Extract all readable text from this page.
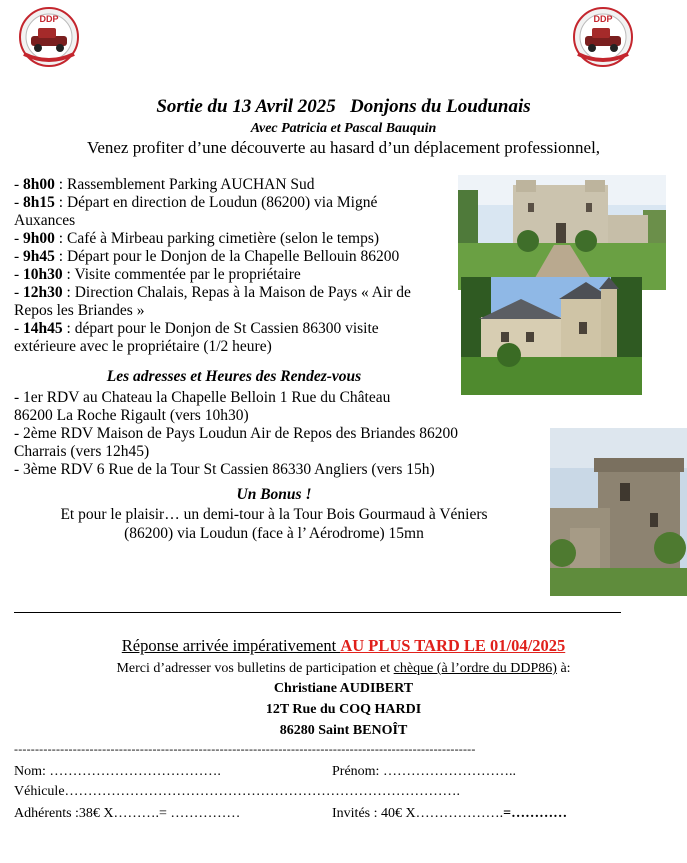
DDP	DDP
Sortie du 13 Avril 2025   Donjons du Loudunais
Avec Patricia et Pascal Bauquin
Venez profiter d’une découverte au hasard d’un déplacement professionnel,
- 8h00 : Rassemblement Parking AUCHAN Sud
- 8h15 : Départ en direction de Loudun (86200) via Migné
Auxances
- 9h00 : Café à Mirbeau parking cimetière (selon le temps)
- 9h45 : Départ pour le Donjon de la Chapelle Bellouin 86200
- 10h30 : Visite commentée par le propriétaire
- 12h30 : Direction Chalais, Repas à la Maison de Pays « Air de
Repos les Briandes »
- 14h45 : départ pour le Donjon de St Cassien 86300 visite
extérieure avec le propriétaire (1/2 heure)
Les adresses et Heures des Rendez-vous
- 1er RDV au Chateau la Chapelle Belloin 1 Rue du Château
86200 La Roche Rigault (vers 10h30)
- 2ème RDV Maison de Pays Loudun Air de Repos des Briandes 86200
Charrais (vers 12h45)
- 3ème RDV 6 Rue de la Tour St Cassien 86330 Angliers (vers 15h)
Un Bonus !
Et pour le plaisir… un demi-tour à la Tour Bois Gourmaud à Véniers
(86200) via Loudun (face à l’ Aérodrome) 15mn
Réponse arrivée impérativement AU PLUS TARD LE 01/04/2025
Merci d’adresser vos bulletins de participation et chèque (à l’ordre du DDP86) à:
Christiane AUDIBERT
12T Rue du COQ HARDI
86280 Saint BENOÎT
--------------------------------------------------------------------------------------------------------------
Nom: ……………………………….	Prénom: ………………………..
Véhicule………………………………………………………………………….
Adhérents :38€ X……….= ……………	Invités : 40€ X……………….=…………
